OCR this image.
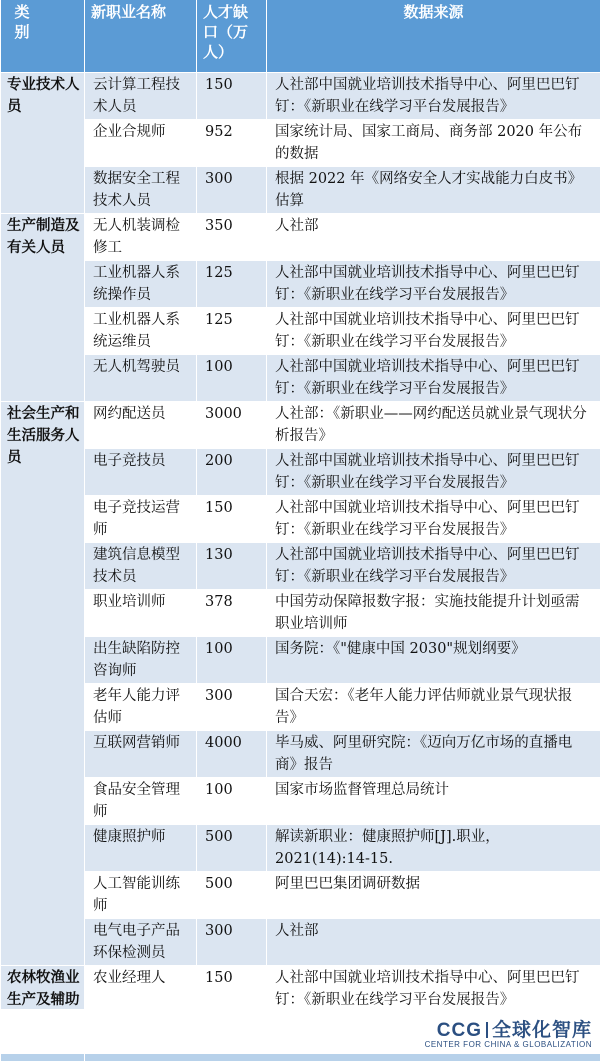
类　别	新职业名称	人才缺口（万人）	数据来源
专业技术人员	云计算工程技术人员	150	人社部中国就业培训技术指导中心、阿里巴巴钉钉：《新职业在线学习平台发展报告》
	企业合规师	952	国家统计局、国家工商局、商务部 2020 年公布的数据
	数据安全工程技术人员	300	根据 2022 年《网络安全人才实战能力白皮书》估算
生产制造及有关人员	无人机装调检修工	350	人社部
	工业机器人系统操作员	125	人社部中国就业培训技术指导中心、阿里巴巴钉钉：《新职业在线学习平台发展报告》
	工业机器人系统运维员	125	人社部中国就业培训技术指导中心、阿里巴巴钉钉：《新职业在线学习平台发展报告》
	无人机驾驶员	100	人社部中国就业培训技术指导中心、阿里巴巴钉钉：《新职业在线学习平台发展报告》
社会生产和生活服务人员	网约配送员	3000	人社部：《新职业——网约配送员就业景气现状分析报告》
	电子竞技员	200	人社部中国就业培训技术指导中心、阿里巴巴钉钉：《新职业在线学习平台发展报告》
	电子竞技运营师	150	人社部中国就业培训技术指导中心、阿里巴巴钉钉：《新职业在线学习平台发展报告》
	建筑信息模型技术员	130	人社部中国就业培训技术指导中心、阿里巴巴钉钉：《新职业在线学习平台发展报告》
	职业培训师	378	中国劳动保障报数字报：实施技能提升计划亟需职业培训师
	出生缺陷防控咨询师	100	国务院：《"健康中国 2030"规划纲要》
	老年人能力评估师	300	国合天宏：《老年人能力评估师就业景气现状报告》
	互联网营销师	4000	毕马威、阿里研究院：《迈向万亿市场的直播电商》报告
	食品安全管理师	100	国家市场监督管理总局统计
	健康照护师	500	解读新职业：健康照护师[J].职业，2021(14):14-15.
	人工智能训练师	500	阿里巴巴集团调研数据
	电气电子产品环保检测员	300	人社部
农林牧渔业生产及辅助	农业经理人	150	人社部中国就业培训技术指导中心、阿里巴巴钉钉：《新职业在线学习平台发展报告》

CCG 全球化智库
CENTER FOR CHINA & GLOBALIZATION
